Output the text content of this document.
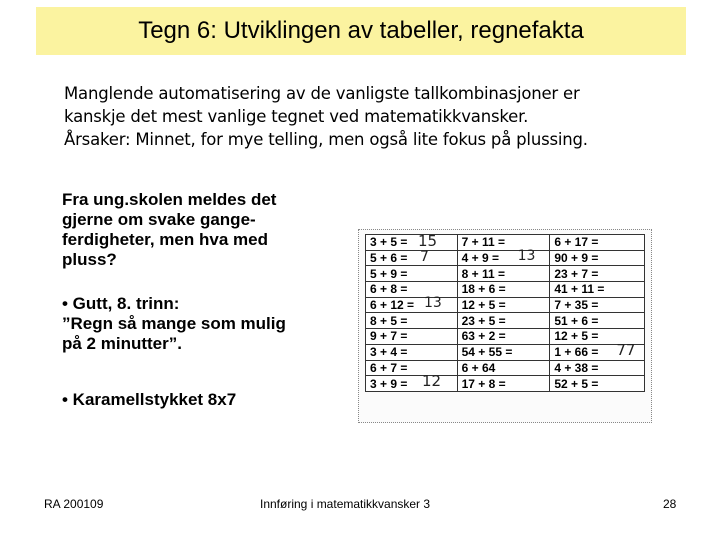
Tegn 6: Utviklingen av tabeller, regnefakta

Manglende automatisering av de vanligste tallkombinasjoner er

kanskje det mest vanlige tegnet ved matematikkvansker.

Årsaker: Minnet, for mye telling, men også lite fokus på plussing.

Fra ung.skolen meldes det

gjerne om svake gange-

ferdigheter, men hva med

pluss?

• Gutt, 8. trinn:

”Regn så mange som mulig

på 2 minutter”.

• Karamellstykket 8x7
3 + 5 = 15	7 + 11 =	6 + 17 =
5 + 6 = 7	4 + 9 = 13	90 + 9 =
5 + 9 =	8 + 11 =	23 + 7 =
6 + 8 =	18 + 6 =	41 + 11 =
6 + 12 = 13	12 + 5 =	7 + 35 =
8 + 5 =	23 + 5 =	51 + 6 =
9 + 7 =	63 + 2 =	12 + 5 =
3 + 4 =	54 + 55 =	1 + 66 = 77

6 + 7 =	6 + 64	4 + 38 =
3 + 9 = 12	17 + 8 =	52 + 5 =
RA 200109	Innføring i matematikkvansker 3	28
